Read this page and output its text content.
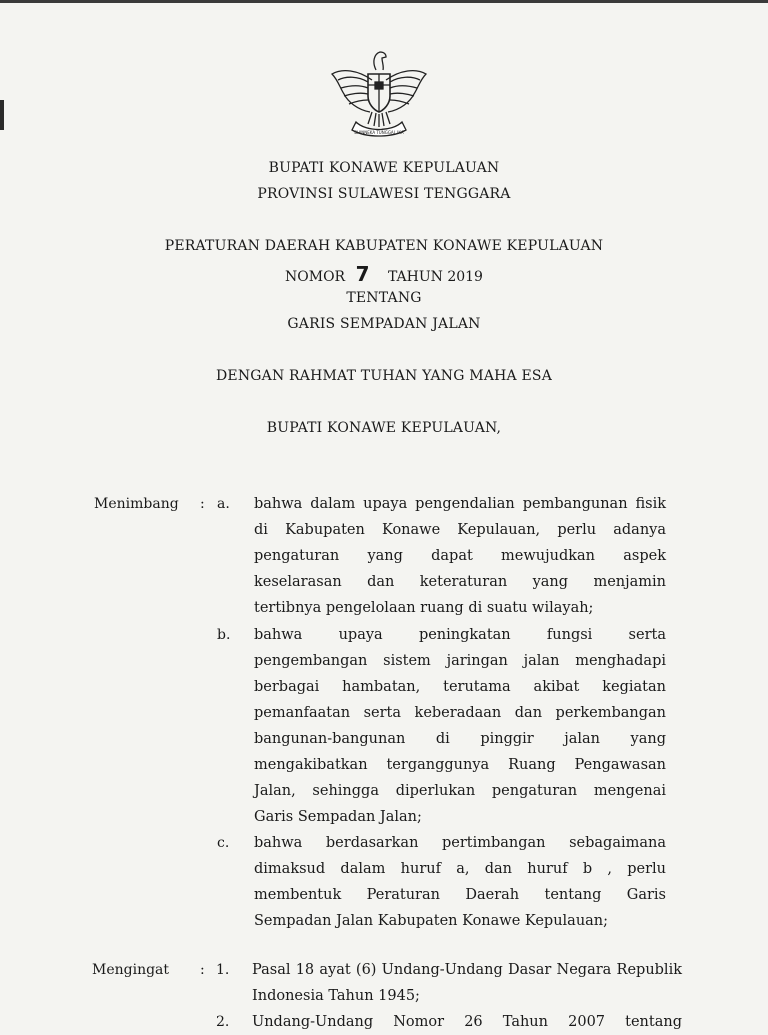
BHINNEKA TUNGGAL IKA
BUPATI KONAWE KEPULAUAN
PROVINSI SULAWESI TENGGARA
PERATURAN DAERAH KABUPATEN KONAWE KEPULAUAN
NOMOR 7 TAHUN 2019
TENTANG
GARIS SEMPADAN JALAN
DENGAN RAHMAT TUHAN YANG MAHA ESA
BUPATI KONAWE KEPULAUAN,
Menimbang : a. bahwa dalam upaya pengendalian pembangunan fisik
di Kabupaten Konawe Kepulauan, perlu adanya
pengaturan yang dapat mewujudkan aspek
keselarasan dan keteraturan yang menjamin
tertibnya pengelolaan ruang di suatu wilayah;
b. bahwa upaya peningkatan fungsi serta
pengembangan sistem jaringan jalan menghadapi
berbagai hambatan, terutama akibat kegiatan
pemanfaatan serta keberadaan dan perkembangan
bangunan-bangunan di pinggir jalan yang
mengakibatkan terganggunya Ruang Pengawasan
Jalan, sehingga diperlukan pengaturan mengenai
Garis Sempadan Jalan;
c. bahwa berdasarkan pertimbangan sebagaimana
dimaksud dalam huruf a, dan huruf b , perlu
membentuk Peraturan Daerah tentang Garis
Sempadan Jalan Kabupaten Konawe Kepulauan;
Mengingat : 1. Pasal 18 ayat (6) Undang-Undang Dasar Negara Republik
Indonesia Tahun 1945;
2. Undang-Undang Nomor 26 Tahun 2007 tentang
